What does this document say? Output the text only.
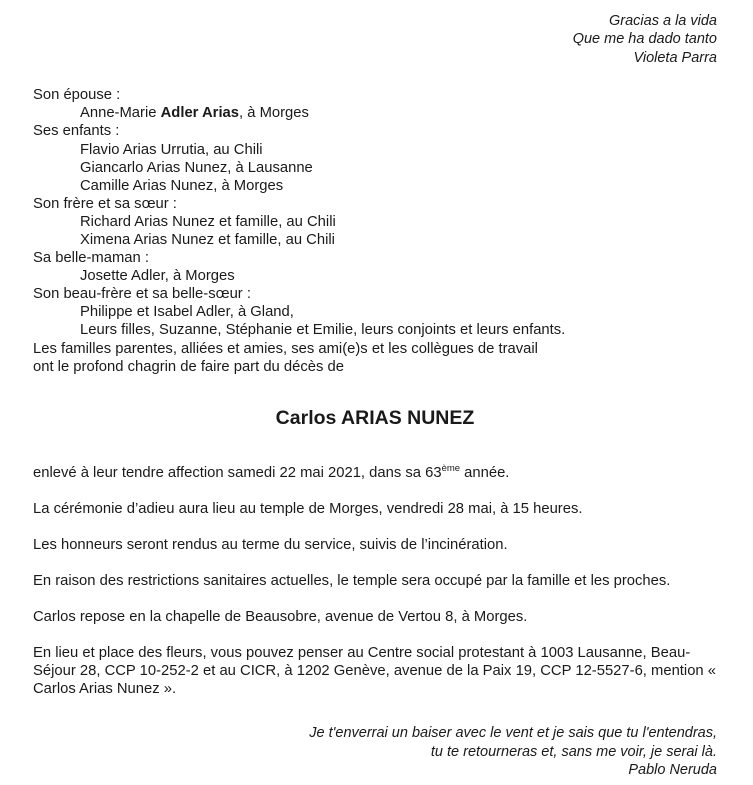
Gracias a la vida
Que me ha dado tanto
Violeta Parra
Son épouse :
Anne-Marie Adler Arias, à Morges
Ses enfants :
Flavio Arias Urrutia, au Chili
Giancarlo Arias Nunez, à Lausanne
Camille Arias Nunez, à Morges
Son frère et sa sœur :
Richard Arias Nunez et famille, au Chili
Ximena Arias Nunez et famille, au Chili
Sa belle-maman :
Josette Adler, à Morges
Son beau-frère et sa belle-sœur :
Philippe et Isabel Adler, à Gland,
Leurs filles, Suzanne, Stéphanie et Emilie, leurs conjoints et leurs enfants.
Les familles parentes, alliées et amies, ses ami(e)s et les collègues de travail
ont le profond chagrin de faire part du décès de
Carlos ARIAS NUNEZ

enlevé à leur tendre affection samedi 22 mai 2021, dans sa 63ème année.

La cérémonie d’adieu aura lieu au temple de Morges, vendredi 28 mai, à 15 heures.

Les honneurs seront rendus au terme du service, suivis de l’incinération.

En raison des restrictions sanitaires actuelles, le temple sera occupé par la famille et les proches.

Carlos repose en la chapelle de Beausobre, avenue de Vertou 8, à Morges.

En lieu et place des fleurs, vous pouvez penser au Centre social protestant à 1003 Lausanne, Beau-Séjour 28, CCP 10-252-2 et au CICR, à 1202 Genève, avenue de la Paix 19, CCP 12-5527-6, mention « Carlos Arias Nunez ».

Je t'enverrai un baiser avec le vent et je sais que tu l'entendras,
tu te retourneras et, sans me voir, je serai là.
Pablo Neruda
